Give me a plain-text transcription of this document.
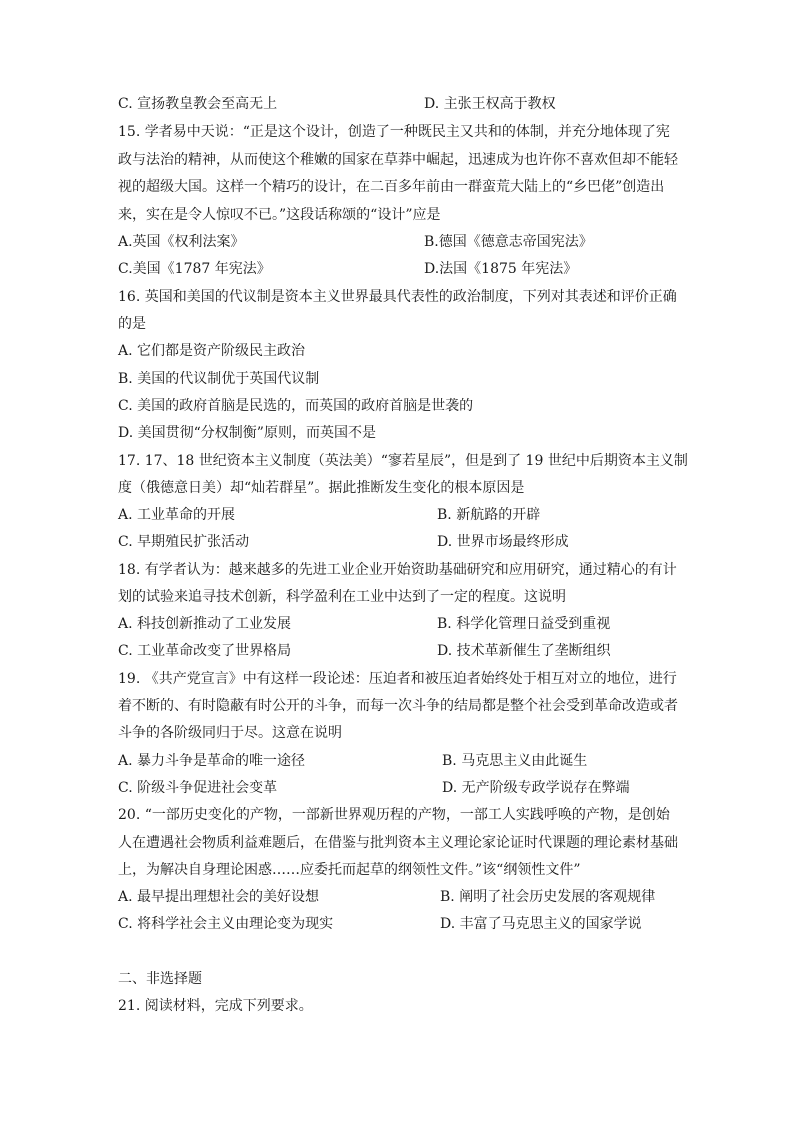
C. 宣扬教皇教会至高无上	D. 主张王权高于教权
15. 学者易中天说：“正是这个设计，创造了一种既民主又共和的体制，并充分地体现了宪
政与法治的精神，从而使这个稚嫩的国家在草莽中崛起，迅速成为也许你不喜欢但却不能轻
视的超级大国。这样一个精巧的设计，在二百多年前由一群蛮荒大陆上的“乡巴佬”创造出
来，实在是令人惊叹不已。”这段话称颂的“设计”应是
A.英国《权利法案》	B.德国《德意志帝国宪法》
C.美国《1787 年宪法》	D.法国《1875 年宪法》
16. 英国和美国的代议制是资本主义世界最具代表性的政治制度，下列对其表述和评价正确
的是
A. 它们都是资产阶级民主政治
B. 美国的代议制优于英国代议制
C. 美国的政府首脑是民选的，而英国的政府首脑是世袭的
D. 美国贯彻“分权制衡”原则，而英国不是
17. 17、18 世纪资本主义制度（英法美）“寥若星辰”，但是到了 19 世纪中后期资本主义制
度（俄德意日美）却“灿若群星”。据此推断发生变化的根本原因是
A. 工业革命的开展	B. 新航路的开辟
C. 早期殖民扩张活动	D. 世界市场最终形成
18. 有学者认为：越来越多的先进工业企业开始资助基础研究和应用研究，通过精心的有计
划的试验来追寻技术创新，科学盈利在工业中达到了一定的程度。这说明
A. 科技创新推动了工业发展	B. 科学化管理日益受到重视
C. 工业革命改变了世界格局	D. 技术革新催生了垄断组织
19. 《共产党宣言》中有这样一段论述：压迫者和被压迫者始终处于相互对立的地位，进行
着不断的、有时隐蔽有时公开的斗争，而每一次斗争的结局都是整个社会受到革命改造或者
斗争的各阶级同归于尽。这意在说明
A. 暴力斗争是革命的唯一途径	B. 马克思主义由此诞生
C. 阶级斗争促进社会变革	D. 无产阶级专政学说存在弊端
20. “一部历史变化的产物，一部新世界观历程的产物，一部工人实践呼唤的产物，是创始
人在遭遇社会物质利益难题后，在借鉴与批判资本主义理论家论证时代课题的理论素材基础
上，为解决自身理论困惑……应委托而起草的纲领性文件。”该“纲领性文件”
A. 最早提出理想社会的美好设想	B. 阐明了社会历史发展的客观规律
C. 将科学社会主义由理论变为现实	D. 丰富了马克思主义的国家学说
二、非选择题
21. 阅读材料，完成下列要求。
